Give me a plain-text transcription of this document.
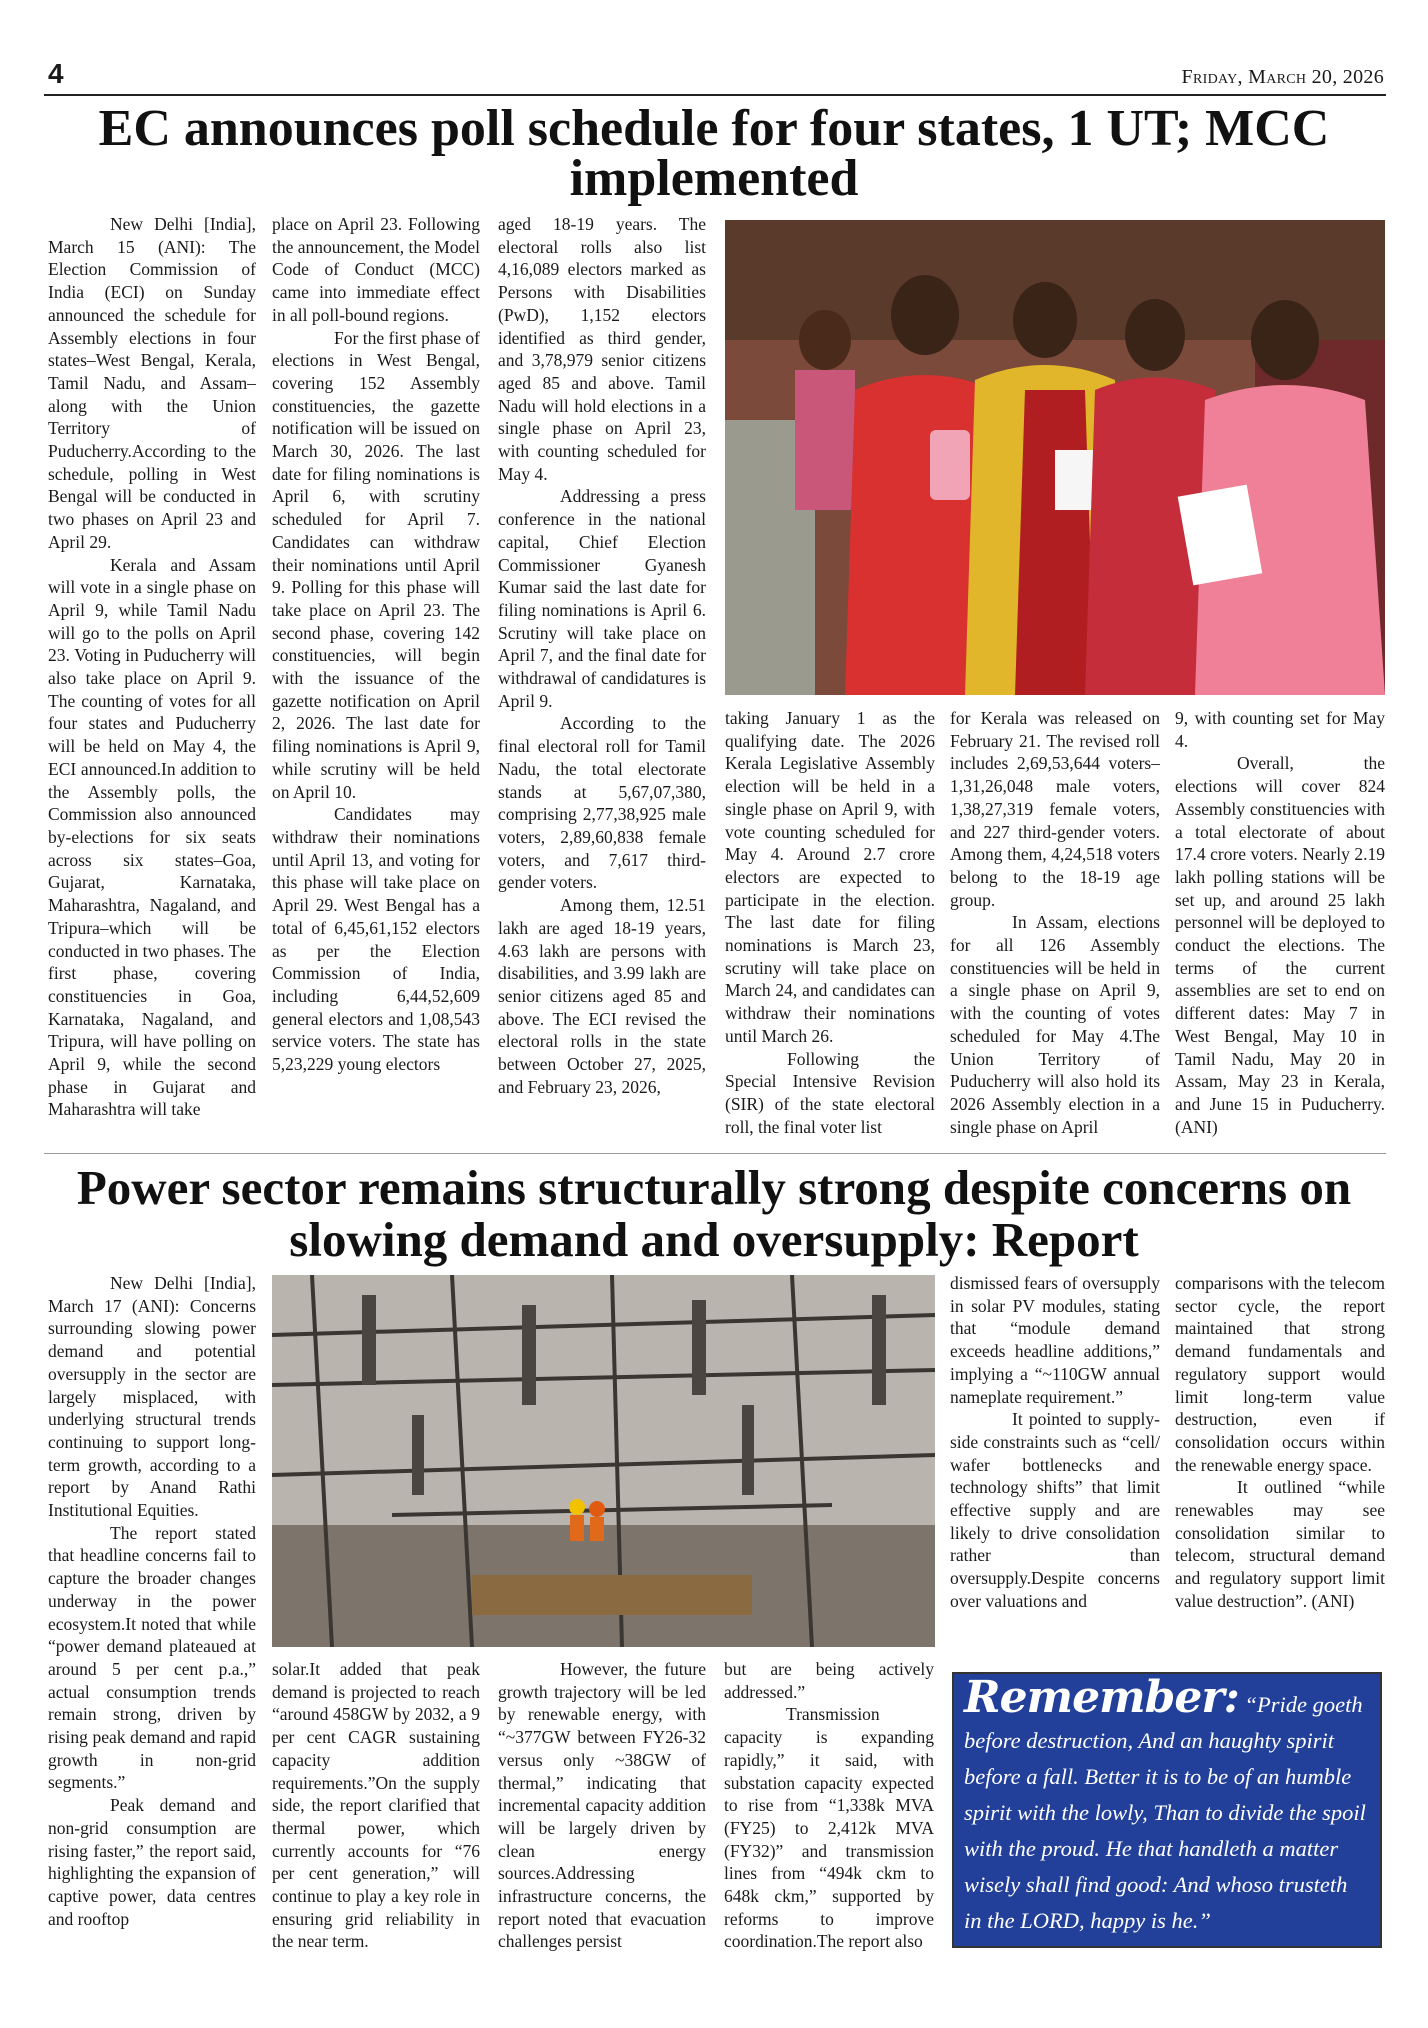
4	Friday, March 20, 2026
EC announces poll schedule for four states, 1 UT; MCC implemented

New Delhi [India], March 15 (ANI): The Election Commission of India (ECI) on Sunday announced the schedule for Assembly elections in four states–West Bengal, Kerala, Tamil Nadu, and Assam–along with the Union Territory of Puducherry.According to the schedule, polling in West Bengal will be conducted in two phases on April 23 and April 29.

Kerala and Assam will vote in a single phase on April 9, while Tamil Nadu will go to the polls on April 23. Voting in Puducherry will also take place on April 9. The counting of votes for all four states and Puducherry will be held on May 4, the ECI announced.In addition to the Assembly polls, the Commission also announced by-elections for six seats across six states–Goa, Gujarat, Karnataka, Maharashtra, Nagaland, and Tripura–which will be conducted in two phases. The first phase, covering constituencies in Goa, Karnataka, Nagaland, and Tripura, will have polling on April 9, while the second phase in Gujarat and Maharashtra will take

place on April 23. Following the announcement, the Model Code of Conduct (MCC) came into immediate effect in all poll-bound regions.

For the first phase of elections in West Bengal, covering 152 Assembly constituencies, the gazette notification will be issued on March 30, 2026. The last date for filing nominations is April 6, with scrutiny scheduled for April 7. Candidates can withdraw their nominations until April 9. Polling for this phase will take place on April 23. The second phase, covering 142 constituencies, will begin with the issuance of the gazette notification on April 2, 2026. The last date for filing nominations is April 9, while scrutiny will be held on April 10.

Candidates may withdraw their nominations until April 13, and voting for this phase will take place on April 29. West Bengal has a total of 6,45,61,152 electors as per the Election Commission of India, including 6,44,52,609 general electors and 1,08,543 service voters. The state has 5,23,229 young electors

aged 18-19 years. The electoral rolls also list 4,16,089 electors marked as Persons with Disabilities (PwD), 1,152 electors identified as third gender, and 3,78,979 senior citizens aged 85 and above. Tamil Nadu will hold elections in a single phase on April 23, with counting scheduled for May 4.

Addressing a press conference in the national capital, Chief Election Commissioner Gyanesh Kumar said the last date for filing nominations is April 6. Scrutiny will take place on April 7, and the final date for withdrawal of candidatures is April 9.

According to the final electoral roll for Tamil Nadu, the total electorate stands at 5,67,07,380, comprising 2,77,38,925 male voters, 2,89,60,838 female voters, and 7,617 third-gender voters.

Among them, 12.51 lakh are aged 18-19 years, 4.63 lakh are persons with disabilities, and 3.99 lakh are senior citizens aged 85 and above. The ECI revised the electoral rolls in the state between October 27, 2025, and February 23, 2026,

taking January 1 as the qualifying date. The 2026 Kerala Legislative Assembly election will be held in a single phase on April 9, with vote counting scheduled for May 4. Around 2.7 crore electors are expected to participate in the election. The last date for filing nominations is March 23, scrutiny will take place on March 24, and candidates can withdraw their nominations until March 26.

Following the Special Intensive Revision (SIR) of the state electoral roll, the final voter list

for Kerala was released on February 21. The revised roll includes 2,69,53,644 voters–1,31,26,048 male voters, 1,38,27,319 female voters, and 227 third-gender voters. Among them, 4,24,518 voters belong to the 18-19 age group.

In Assam, elections for all 126 Assembly constituencies will be held in a single phase on April 9, with the counting of votes scheduled for May 4.The Union Territory of Puducherry will also hold its 2026 Assembly election in a single phase on April

9, with counting set for May 4.

Overall, the elections will cover 824 Assembly constituencies with a total electorate of about 17.4 crore voters. Nearly 2.19 lakh polling stations will be set up, and around 25 lakh personnel will be deployed to conduct the elections. The terms of the current assemblies are set to end on different dates: May 7 in West Bengal, May 10 in Tamil Nadu, May 20 in Assam, May 23 in Kerala, and June 15 in Puducherry. (ANI)

Power sector remains structurally strong despite concerns on slowing demand and oversupply: Report

New Delhi [India], March 17 (ANI): Concerns surrounding slowing power demand and potential oversupply in the sector are largely misplaced, with underlying structural trends continuing to support long-term growth, according to a report by Anand Rathi Institutional Equities.

The report stated that headline concerns fail to capture the broader changes underway in the power ecosystem.It noted that while “power demand plateaued at around 5 per cent p.a.,” actual consumption trends remain strong, driven by rising peak demand and rapid growth in non-grid segments.”

Peak demand and non-grid consumption are rising faster,” the report said, highlighting the expansion of captive power, data centres and rooftop

solar.It added that peak demand is projected to reach “around 458GW by 2032, a 9 per cent CAGR sustaining capacity addition requirements.”On the supply side, the report clarified that thermal power, which currently accounts for “76 per cent generation,” will continue to play a key role in ensuring grid reliability in the near term.

However, the future growth trajectory will be led by renewable energy, with “~377GW between FY26-32 versus only ~38GW of thermal,” indicating that incremental capacity addition will be largely driven by clean energy sources.Addressing infrastructure concerns, the report noted that evacuation challenges persist

but are being actively addressed.”

Transmission capacity is expanding rapidly,” it said, with substation capacity expected to rise from “1,338k MVA (FY25) to 2,412k MVA (FY32)” and transmission lines from “494k ckm to 648k ckm,” supported by reforms to improve coordination.The report also

dismissed fears of oversupply in solar PV modules, stating that “module demand exceeds headline additions,” implying a “~110GW annual nameplate requirement.”

It pointed to supply-side constraints such as “cell/ wafer bottlenecks and technology shifts” that limit effective supply and are likely to drive consolidation rather than oversupply.Despite concerns over valuations and

comparisons with the telecom sector cycle, the report maintained that strong demand fundamentals and regulatory support would limit long-term value destruction, even if consolidation occurs within the renewable energy space.

It outlined “while renewables may see consolidation similar to telecom, structural demand and regulatory support limit value destruction”. (ANI)

Remember: “Pride goeth before destruction, And an haughty spirit before a fall. Better it is to be of an humble spirit with the lowly, Than to divide the spoil with the proud. He that handleth a matter wisely shall find good: And whoso trusteth in the LORD, happy is he.”
Proverbs
